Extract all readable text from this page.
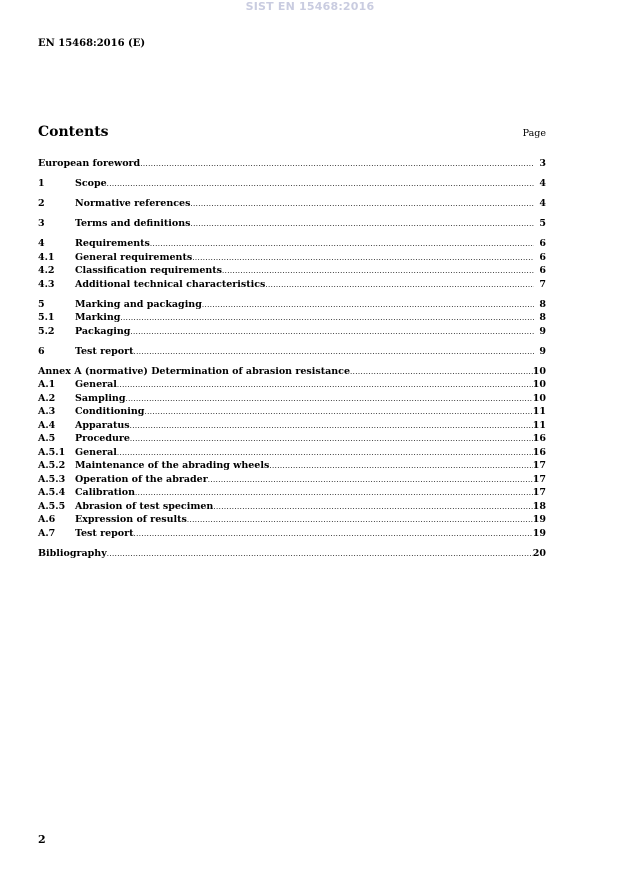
SIST EN 15468:2016
EN 15468:2016 (E)
Contents	Page
European foreword .....	3
1	Scope .....	4
2	Normative references .....	4
3	Terms and definitions .....	5
4	Requirements .....	6
4.1	General requirements .....	6
4.2	Classification requirements .....	6
4.3	Additional technical characteristics .....	7
5	Marking and packaging .....	8
5.1	Marking .....	8
5.2	Packaging .....	9
6	Test report .....	9
Annex A (normative) Determination of abrasion resistance .....	10
A.1	General .....	10
A.2	Sampling .....	10
A.3	Conditioning .....	11
A.4	Apparatus .....	11
A.5	Procedure .....	16
A.5.1	General .....	16
A.5.2	Maintenance of the abrading wheels .....	17
A.5.3	Operation of the abrader .....	17
A.5.4	Calibration .....	17
A.5.5	Abrasion of test specimen .....	18
A.6	Expression of results .....	19
A.7	Test report .....	19
Bibliography .....	20
2
